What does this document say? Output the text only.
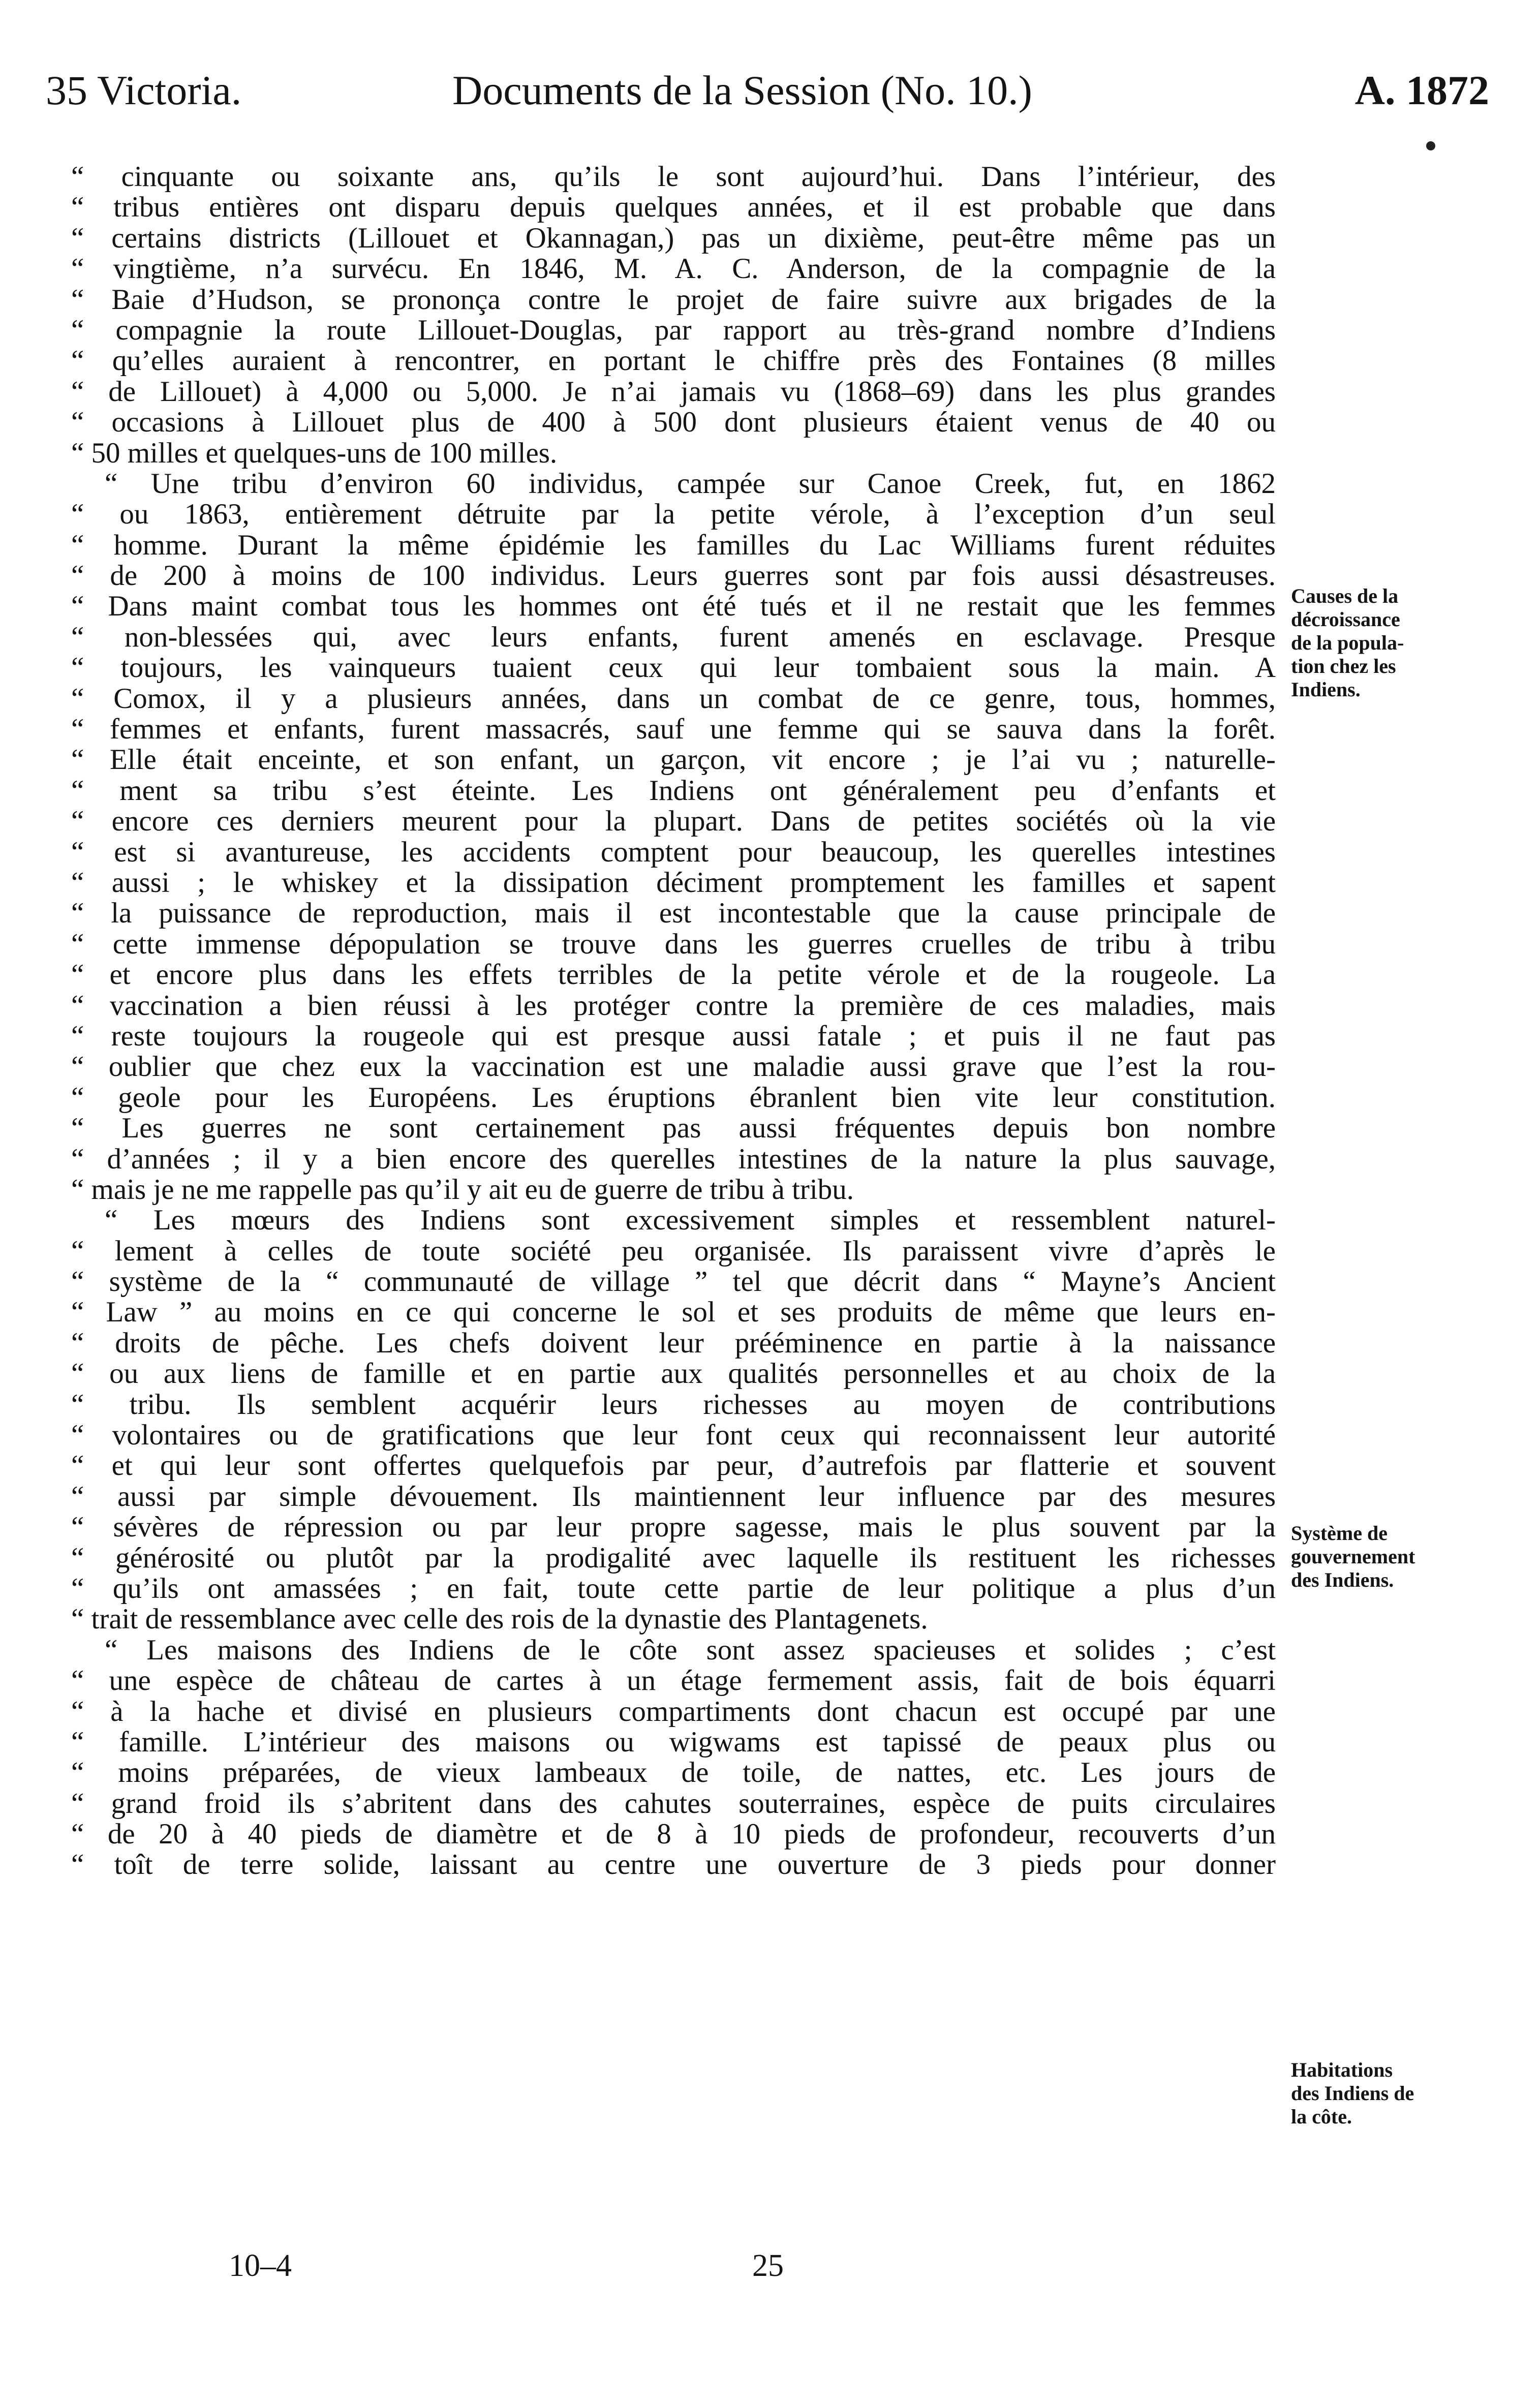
35 Victoria.	Documents de la Session (No. 10.)	A. 1872
“ cinquante ou soixante ans, qu’ils le sont aujourd’hui. Dans l’intérieur, des
“ tribus entières ont disparu depuis quelques années, et il est probable que dans
“ certains districts (Lillouet et Okannagan,) pas un dixième, peut-être même pas un
“ vingtième, n’a survécu. En 1846, M. A. C. Anderson, de la compagnie de la
“ Baie d’Hudson, se prononça contre le projet de faire suivre aux brigades de la
“ compagnie la route Lillouet-Douglas, par rapport au très-grand nombre d’Indiens
“ qu’elles auraient à rencontrer, en portant le chiffre près des Fontaines (8 milles
“ de Lillouet) à 4,000 ou 5,000. Je n’ai jamais vu (1868–69) dans les plus grandes
“ occasions à Lillouet plus de 400 à 500 dont plusieurs étaient venus de 40 ou
“ 50 milles et quelques-uns de 100 milles.
“ Une tribu d’environ 60 individus, campée sur Canoe Creek, fut, en 1862
“ ou 1863, entièrement détruite par la petite vérole, à l’exception d’un seul
“ homme. Durant la même épidémie les familles du Lac Williams furent réduites
“ de 200 à moins de 100 individus. Leurs guerres sont par fois aussi désastreuses.
“ Dans maint combat tous les hommes ont été tués et il ne restait que les femmes
“ non-blessées qui, avec leurs enfants, furent amenés en esclavage. Presque
“ toujours, les vainqueurs tuaient ceux qui leur tombaient sous la main. A
“ Comox, il y a plusieurs années, dans un combat de ce genre, tous, hommes,
“ femmes et enfants, furent massacrés, sauf une femme qui se sauva dans la forêt.
“ Elle était enceinte, et son enfant, un garçon, vit encore ; je l’ai vu ; naturelle-
“ ment sa tribu s’est éteinte. Les Indiens ont généralement peu d’enfants et
“ encore ces derniers meurent pour la plupart. Dans de petites sociétés où la vie
“ est si avantureuse, les accidents comptent pour beaucoup, les querelles intestines
“ aussi ; le whiskey et la dissipation déciment promptement les familles et sapent
“ la puissance de reproduction, mais il est incontestable que la cause principale de
“ cette immense dépopulation se trouve dans les guerres cruelles de tribu à tribu
“ et encore plus dans les effets terribles de la petite vérole et de la rougeole. La
“ vaccination a bien réussi à les protéger contre la première de ces maladies, mais
“ reste toujours la rougeole qui est presque aussi fatale ; et puis il ne faut pas
“ oublier que chez eux la vaccination est une maladie aussi grave que l’est la rou-
“ geole pour les Européens. Les éruptions ébranlent bien vite leur constitution.
“ Les guerres ne sont certainement pas aussi fréquentes depuis bon nombre
“ d’années ; il y a bien encore des querelles intestines de la nature la plus sauvage,
“ mais je ne me rappelle pas qu’il y ait eu de guerre de tribu à tribu.
“ Les mœurs des Indiens sont excessivement simples et ressemblent naturel-
“ lement à celles de toute société peu organisée. Ils paraissent vivre d’après le
“ système de la “ communauté de village ” tel que décrit dans “ Mayne’s Ancient
“ Law ” au moins en ce qui concerne le sol et ses produits de même que leurs en-
“ droits de pêche. Les chefs doivent leur prééminence en partie à la naissance
“ ou aux liens de famille et en partie aux qualités personnelles et au choix de la
“ tribu. Ils semblent acquérir leurs richesses au moyen de contributions
“ volontaires ou de gratifications que leur font ceux qui reconnaissent leur autorité
“ et qui leur sont offertes quelquefois par peur, d’autrefois par flatterie et souvent
“ aussi par simple dévouement. Ils maintiennent leur influence par des mesures
“ sévères de répression ou par leur propre sagesse, mais le plus souvent par la
“ générosité ou plutôt par la prodigalité avec laquelle ils restituent les richesses
“ qu’ils ont amassées ; en fait, toute cette partie de leur politique a plus d’un
“ trait de ressemblance avec celle des rois de la dynastie des Plantagenets.
“ Les maisons des Indiens de le côte sont assez spacieuses et solides ; c’est
“ une espèce de château de cartes à un étage fermement assis, fait de bois équarri
“ à la hache et divisé en plusieurs compartiments dont chacun est occupé par une
“ famille. L’intérieur des maisons ou wigwams est tapissé de peaux plus ou
“ moins préparées, de vieux lambeaux de toile, de nattes, etc. Les jours de
“ grand froid ils s’abritent dans des cahutes souterraines, espèce de puits circulaires
“ de 20 à 40 pieds de diamètre et de 8 à 10 pieds de profondeur, recouverts d’un
“ toît de terre solide, laissant au centre une ouverture de 3 pieds pour donner
Causes de la
décroissance
de la popula-
tion chez les
Indiens.
Système de
gouvernement
des Indiens.
Habitations
des Indiens de
la côte.
10–4	25
